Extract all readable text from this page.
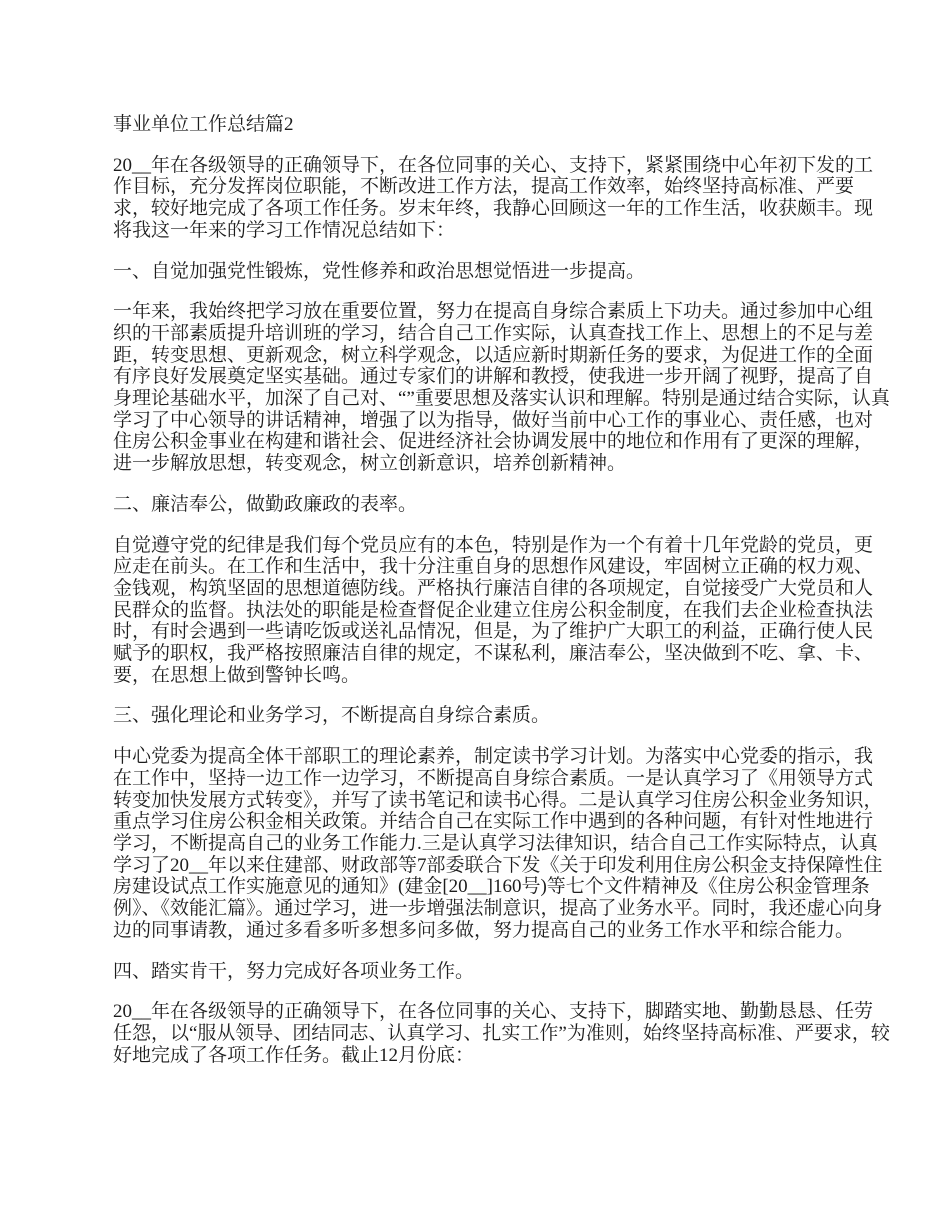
事业单位工作总结篇2

20__年在各级领导的正确领导下，在各位同事的关心、支持下，紧紧围绕中心年初下发的工作目标，充分发挥岗位职能，不断改进工作方法，提高工作效率，始终坚持高标准、严要求，较好地完成了各项工作任务。岁末年终，我静心回顾这一年的工作生活，收获颇丰。现将我这一年来的学习工作情况总结如下：

一、自觉加强党性锻炼，党性修养和政治思想觉悟进一步提高。

一年来，我始终把学习放在重要位置，努力在提高自身综合素质上下功夫。通过参加中心组织的干部素质提升培训班的学习，结合自己工作实际，认真查找工作上、思想上的不足与差距，转变思想、更新观念，树立科学观念，以适应新时期新任务的要求，为促进工作的全面有序良好发展奠定坚实基础。通过专家们的讲解和教授，使我进一步开阔了视野，提高了自身理论基础水平，加深了自己对、“”重要思想及落实认识和理解。特别是通过结合实际，认真学习了中心领导的讲话精神，增强了以为指导，做好当前中心工作的事业心、责任感，也对住房公积金事业在构建和谐社会、促进经济社会协调发展中的地位和作用有了更深的理解，进一步解放思想，转变观念，树立创新意识，培养创新精神。

二、廉洁奉公，做勤政廉政的表率。

自觉遵守党的纪律是我们每个党员应有的本色，特别是作为一个有着十几年党龄的党员，更应走在前头。在工作和生活中，我十分注重自身的思想作风建设，牢固树立正确的权力观、金钱观，构筑坚固的思想道德防线。严格执行廉洁自律的各项规定，自觉接受广大党员和人民群众的监督。执法处的职能是检查督促企业建立住房公积金制度，在我们去企业检查执法时，有时会遇到一些请吃饭或送礼品情况，但是，为了维护广大职工的利益，正确行使人民赋予的职权，我严格按照廉洁自律的规定，不谋私利，廉洁奉公，坚决做到不吃、拿、卡、要，在思想上做到警钟长鸣。

三、强化理论和业务学习，不断提高自身综合素质。

中心党委为提高全体干部职工的理论素养，制定读书学习计划。为落实中心党委的指示，我在工作中，坚持一边工作一边学习，不断提高自身综合素质。一是认真学习了《用领导方式转变加快发展方式转变》，并写了读书笔记和读书心得。二是认真学习住房公积金业务知识，重点学习住房公积金相关政策。并结合自己在实际工作中遇到的各种问题，有针对性地进行学习，不断提高自己的业务工作能力.三是认真学习法律知识，结合自己工作实际特点，认真学习了20__年以来住建部、财政部等7部委联合下发《关于印发利用住房公积金支持保障性住房建设试点工作实施意见的通知》(建金[20__]160号)等七个文件精神及《住房公积金管理条例》、《效能汇篇》。通过学习，进一步增强法制意识，提高了业务水平。同时，我还虚心向身边的同事请教，通过多看多听多想多问多做，努力提高自己的业务工作水平和综合能力。

四、踏实肯干，努力完成好各项业务工作。

20__年在各级领导的正确领导下，在各位同事的关心、支持下，脚踏实地、勤勤恳恳、任劳任怨，以“服从领导、团结同志、认真学习、扎实工作”为准则，始终坚持高标准、严要求，较好地完成了各项工作任务。截止12月份底：
